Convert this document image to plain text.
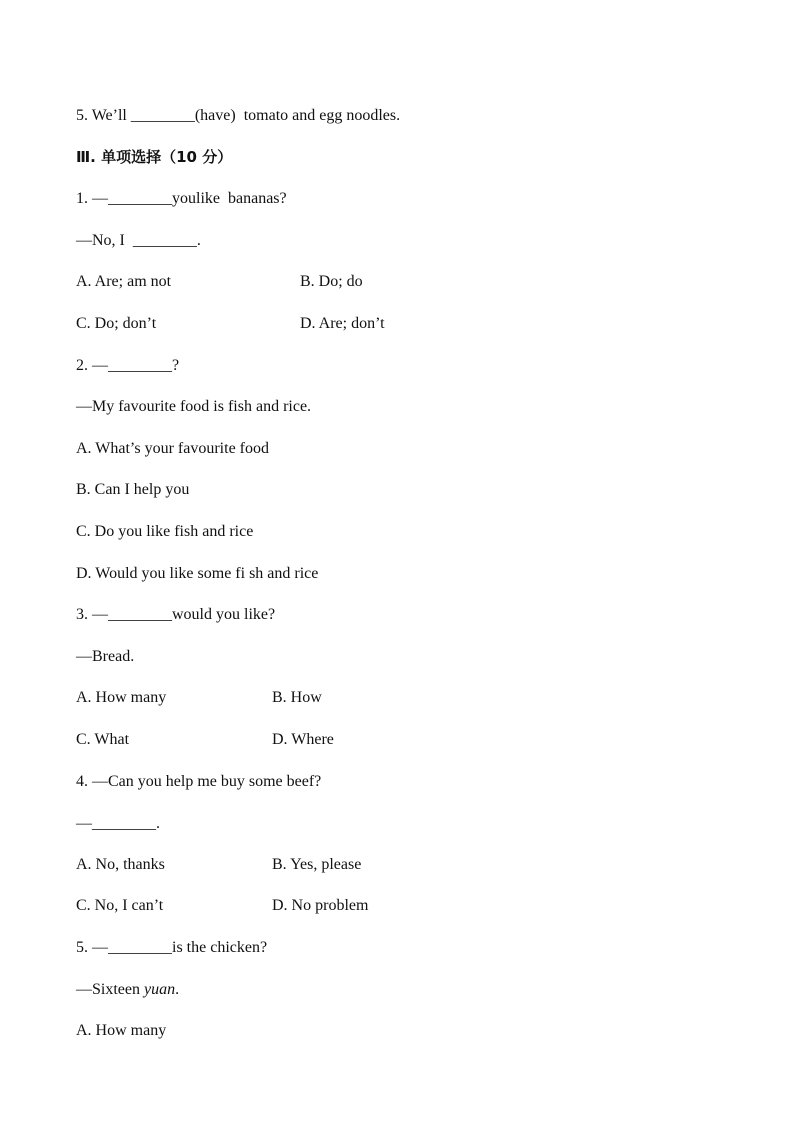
5. We’ll ________(have)  tomato and egg noodles.
Ⅲ. 单项选择（10 分）
1. —________youlike  bananas?
—No, I  ________.
A. Are; am not	B. Do; do
C. Do; don’t	D. Are; don’t
2. —________?
—My favourite food is fish and rice.
A. What’s your favourite food
B. Can I help you
C. Do you like fish and rice
D. Would you like some fi sh and rice
3. —________would you like?
—Bread.
A. How many	B. How
C. What	D. Where
4. —Can you help me buy some beef?
—________.
A. No, thanks	B. Yes, please
C. No, I can’t	D. No problem
5. —________is the chicken?
—Sixteen yuan.
A. How many
